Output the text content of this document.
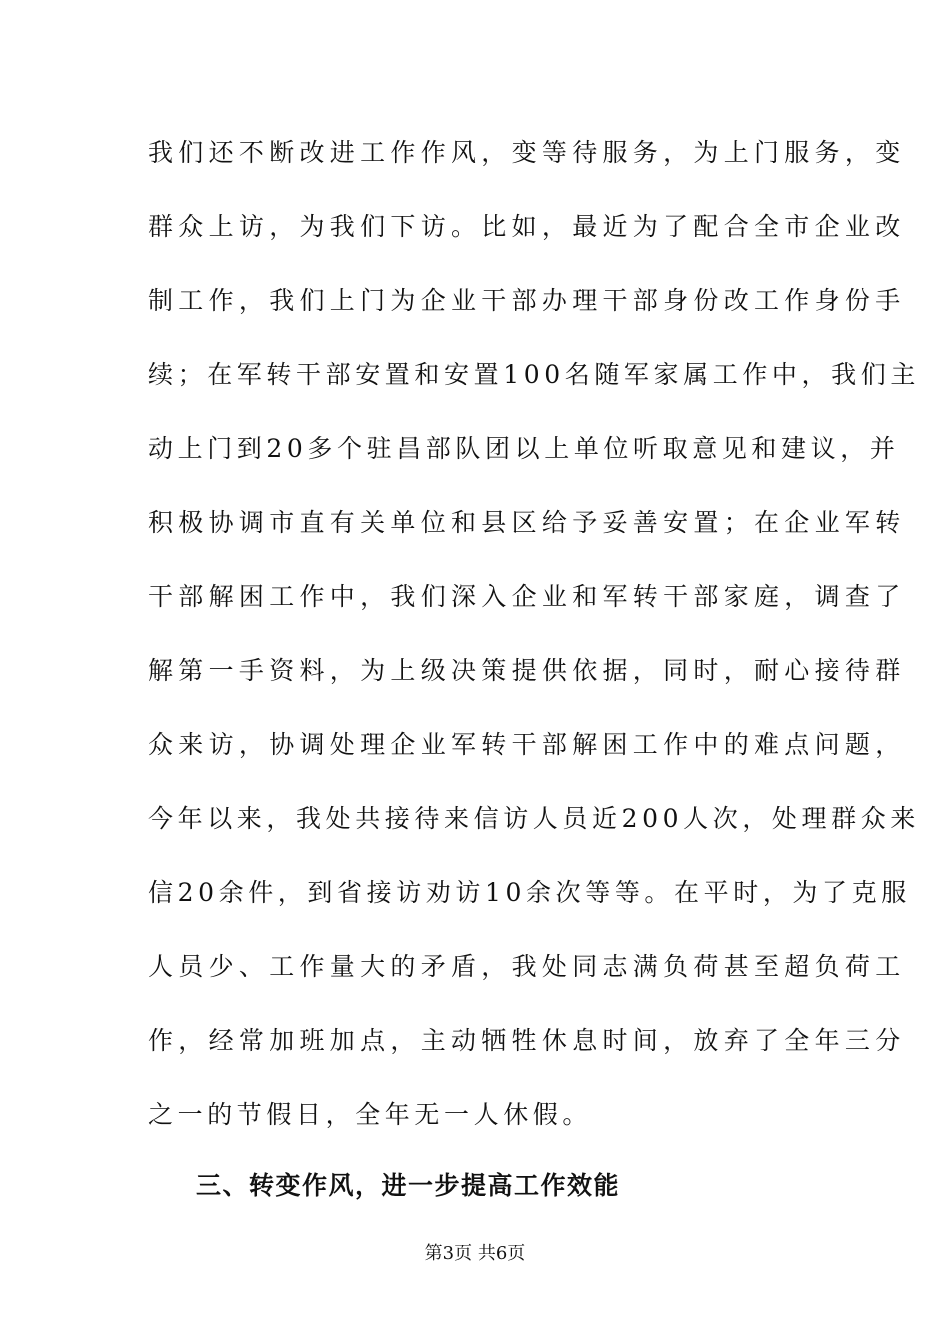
我们还不断改进工作作风，变等待服务，为上门服务，变
群众上访，为我们下访。比如，最近为了配合全市企业改
制工作，我们上门为企业干部办理干部身份改工作身份手
续；在军转干部安置和安置100名随军家属工作中，我们主
动上门到20多个驻昌部队团以上单位听取意见和建议，并
积极协调市直有关单位和县区给予妥善安置；在企业军转
干部解困工作中，我们深入企业和军转干部家庭，调查了
解第一手资料，为上级决策提供依据，同时，耐心接待群
众来访，协调处理企业军转干部解困工作中的难点问题，
今年以来，我处共接待来信访人员近200人次，处理群众来
信20余件，到省接访劝访10余次等等。在平时，为了克服
人员少、工作量大的矛盾，我处同志满负荷甚至超负荷工
作，经常加班加点，主动牺牲休息时间，放弃了全年三分
之一的节假日，全年无一人休假。
三、转变作风，进一步提高工作效能
第3页 共6页
